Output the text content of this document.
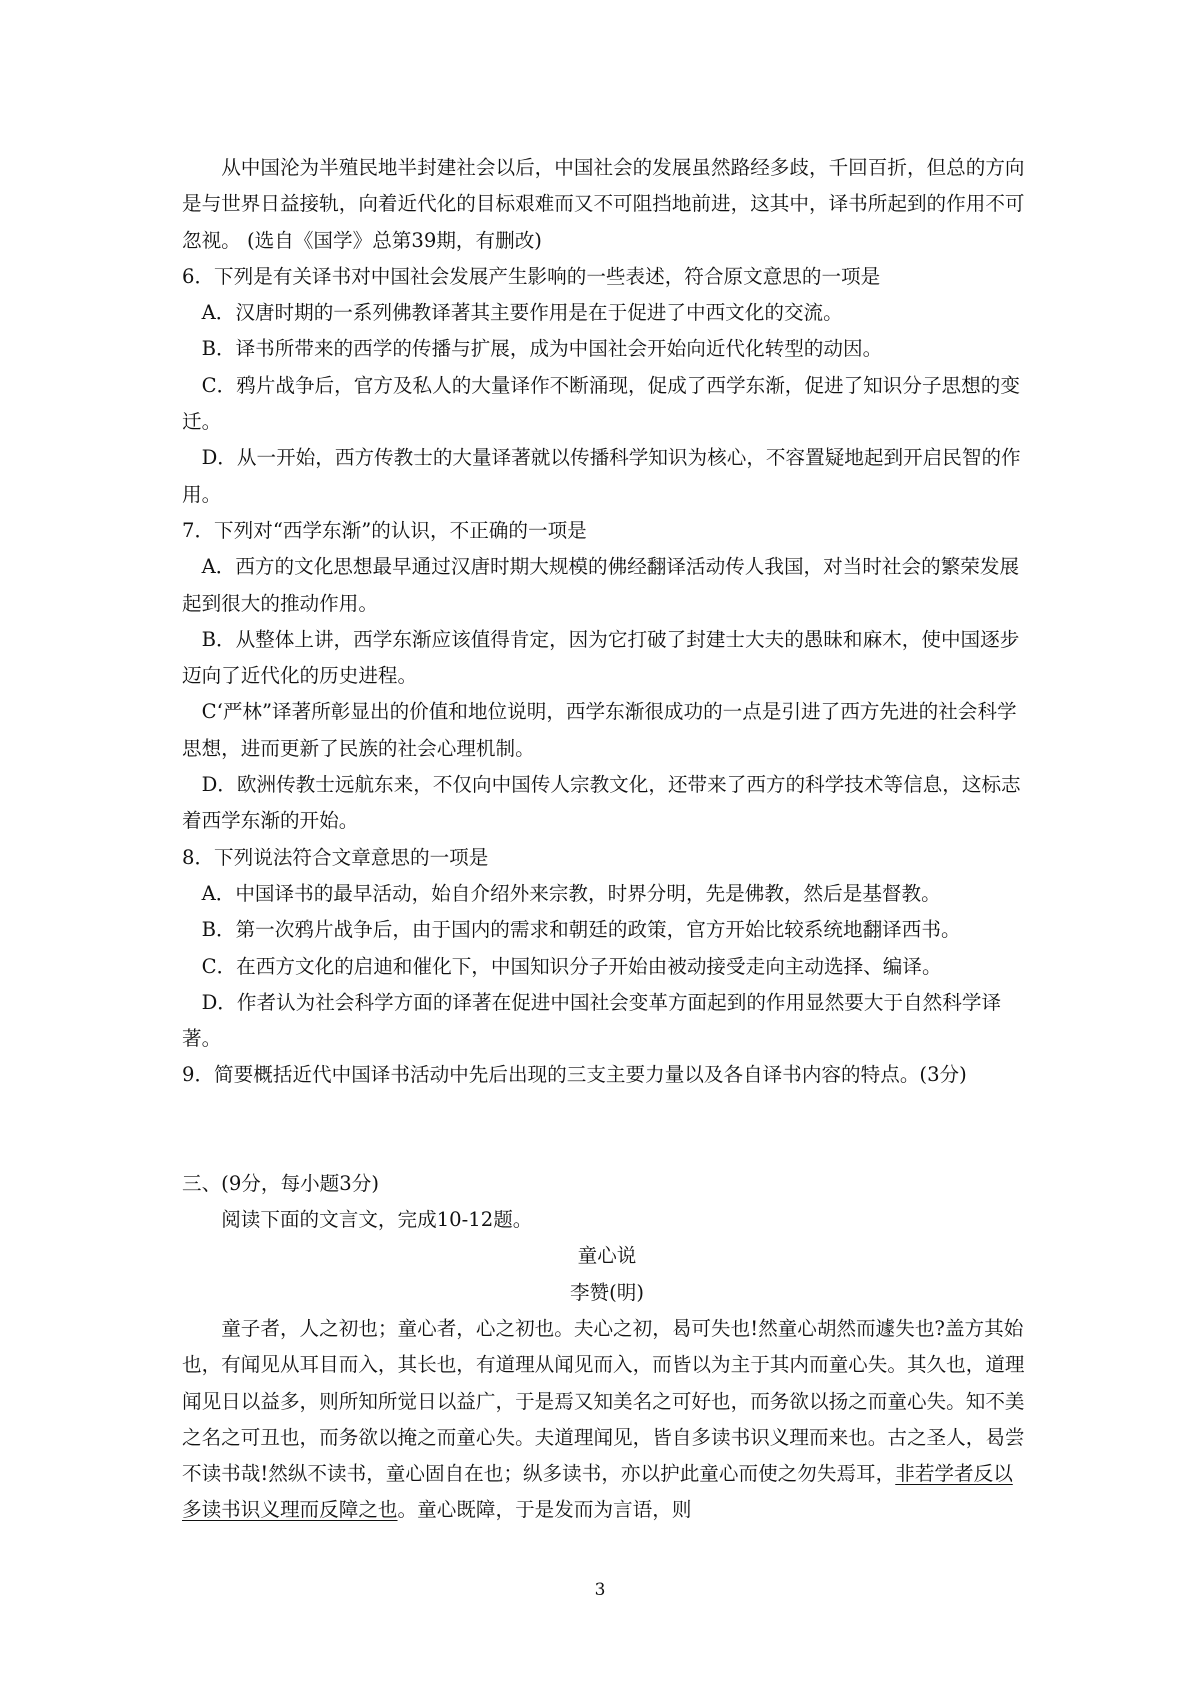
从中国沦为半殖民地半封建社会以后，中国社会的发展虽然路经多歧，千回百折，但总的方向是与世界日益接轨，向着近代化的目标艰难而又不可阻挡地前进，这其中，译书所起到的作用不可忽视。 (选自《国学》总第39期，有删改)

6．下列是有关译书对中国社会发展产生影响的一些表述，符合原文意思的一项是

A．汉唐时期的一系列佛教译著其主要作用是在于促进了中西文化的交流。

B．译书所带来的西学的传播与扩展，成为中国社会开始向近代化转型的动因。

C．鸦片战争后，官方及私人的大量译作不断涌现，促成了西学东渐，促进了知识分子思想的变迁。

D．从一开始，西方传教士的大量译著就以传播科学知识为核心，不容置疑地起到开启民智的作用。

7．下列对“西学东渐”的认识，不正确的一项是

A．西方的文化思想最早通过汉唐时期大规模的佛经翻译活动传人我国，对当时社会的繁荣发展起到很大的推动作用。

B．从整体上讲，西学东渐应该值得肯定，因为它打破了封建士大夫的愚昧和麻木，使中国逐步迈向了近代化的历史进程。

C‘严林”译著所彰显出的价值和地位说明，西学东渐很成功的一点是引进了西方先进的社会科学思想，进而更新了民族的社会心理机制。

D．欧洲传教士远航东来，不仅向中国传人宗教文化，还带来了西方的科学技术等信息，这标志着西学东渐的开始。

8．下列说法符合文章意思的一项是

A．中国译书的最早活动，始自介绍外来宗教，时界分明，先是佛教，然后是基督教。

B．第一次鸦片战争后，由于国内的需求和朝廷的政策，官方开始比较系统地翻译西书。

C．在西方文化的启迪和催化下，中国知识分子开始由被动接受走向主动选择、编译。

D．作者认为社会科学方面的译著在促进中国社会变革方面起到的作用显然要大于自然科学译著。

9．简要概括近代中国译书活动中先后出现的三支主要力量以及各自译书内容的特点。(3分)

三、(9分，每小题3分)

阅读下面的文言文，完成10-12题。

童心说

李赞(明)

童子者，人之初也；童心者，心之初也。夫心之初，曷可失也!然童心胡然而遽失也?盖方其始也，有闻见从耳目而入，其长也，有道理从闻见而入，而皆以为主于其内而童心失。其久也，道理闻见日以益多，则所知所觉日以益广，于是焉又知美名之可好也，而务欲以扬之而童心失。知不美之名之可丑也，而务欲以掩之而童心失。夫道理闻见，皆自多读书识义理而来也。古之圣人，曷尝不读书哉!然纵不读书，童心固自在也；纵多读书，亦以护此童心而使之勿失焉耳，非若学者反以多读书识义理而反障之也。童心既障，于是发而为言语，则

3
